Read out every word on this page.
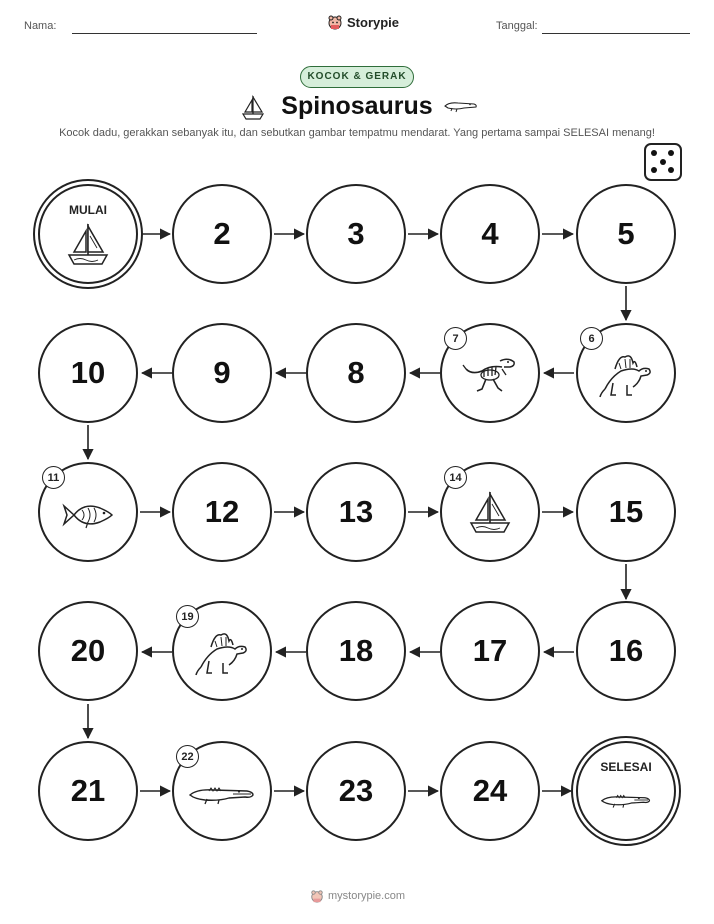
Nama:	Storypie	Tanggal:
KOCOK & GERAK
Spinosaurus
Kocok dadu, gerakkan sebanyak itu, dan sebutkan gambar tempatmu mendarat. Yang pertama sampai SELESAI menang!
MULAI
2	3	4	5
10	9	8
7	6
11
12	13
14
15
20
19
18	17	16
21
22
23	24
SELESAI
mystorypie.com
